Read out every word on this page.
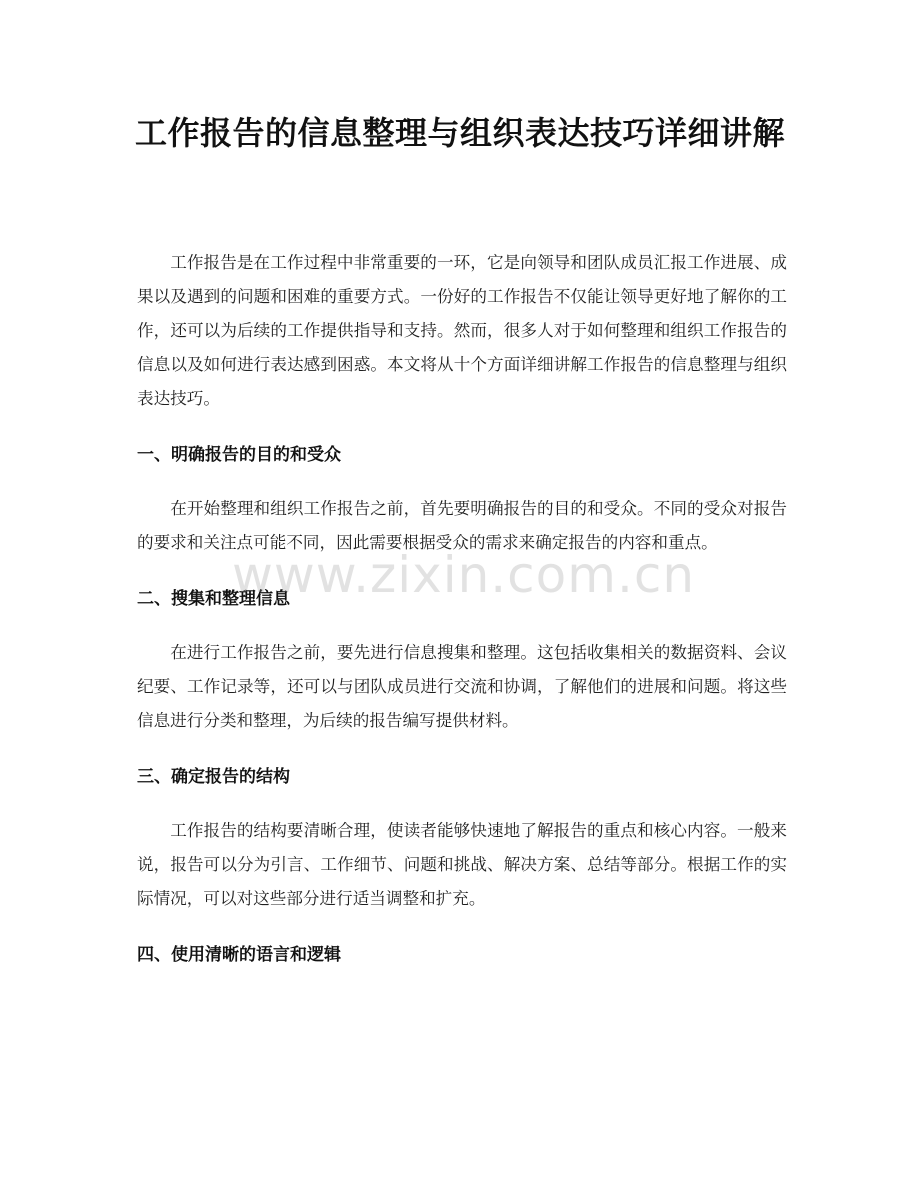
工作报告的信息整理与组织表达技巧详细讲解

工作报告是在工作过程中非常重要的一环，它是向领导和团队成员汇报工作进展、成果以及遇到的问题和困难的重要方式。一份好的工作报告不仅能让领导更好地了解你的工作，还可以为后续的工作提供指导和支持。然而，很多人对于如何整理和组织工作报告的信息以及如何进行表达感到困惑。本文将从十个方面详细讲解工作报告的信息整理与组织表达技巧。

一、明确报告的目的和受众

在开始整理和组织工作报告之前，首先要明确报告的目的和受众。不同的受众对报告的要求和关注点可能不同，因此需要根据受众的需求来确定报告的内容和重点。

二、搜集和整理信息

在进行工作报告之前，要先进行信息搜集和整理。这包括收集相关的数据资料、会议纪要、工作记录等，还可以与团队成员进行交流和协调，了解他们的进展和问题。将这些信息进行分类和整理，为后续的报告编写提供材料。

三、确定报告的结构

工作报告的结构要清晰合理，使读者能够快速地了解报告的重点和核心内容。一般来说，报告可以分为引言、工作细节、问题和挑战、解决方案、总结等部分。根据工作的实际情况，可以对这些部分进行适当调整和扩充。

四、使用清晰的语言和逻辑
www.zixin.com.cn
